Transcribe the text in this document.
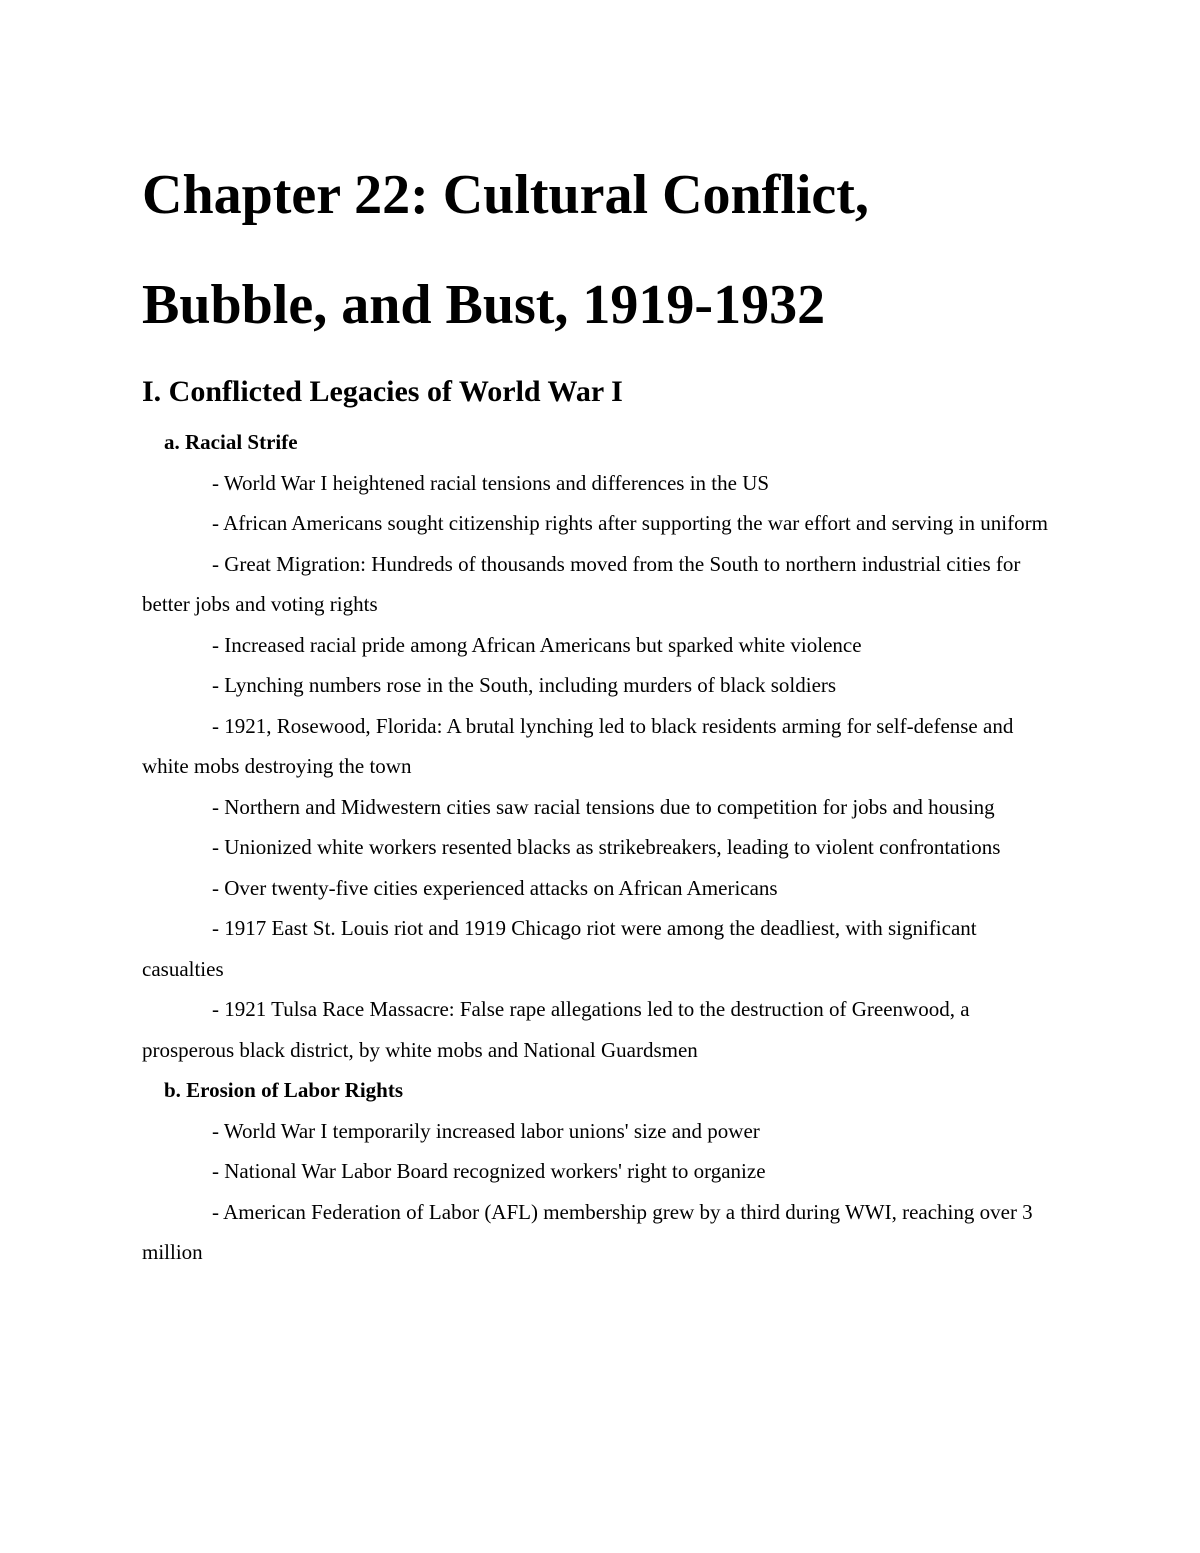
Chapter 22: Cultural Conflict,
Bubble, and Bust, 1919-1932
I. Conflicted Legacies of World War I
a. Racial Strife
- World War I heightened racial tensions and differences in the US
- African Americans sought citizenship rights after supporting the war effort and serving in uniform
- Great Migration: Hundreds of thousands moved from the South to northern industrial cities for better jobs and voting rights
- Increased racial pride among African Americans but sparked white violence
- Lynching numbers rose in the South, including murders of black soldiers
- 1921, Rosewood, Florida: A brutal lynching led to black residents arming for self-defense and white mobs destroying the town
- Northern and Midwestern cities saw racial tensions due to competition for jobs and housing
- Unionized white workers resented blacks as strikebreakers, leading to violent confrontations
- Over twenty-five cities experienced attacks on African Americans
- 1917 East St. Louis riot and 1919 Chicago riot were among the deadliest, with significant casualties
- 1921 Tulsa Race Massacre: False rape allegations led to the destruction of Greenwood, a prosperous black district, by white mobs and National Guardsmen
b. Erosion of Labor Rights
- World War I temporarily increased labor unions' size and power
- National War Labor Board recognized workers' right to organize
- American Federation of Labor (AFL) membership grew by a third during WWI, reaching over 3 million
